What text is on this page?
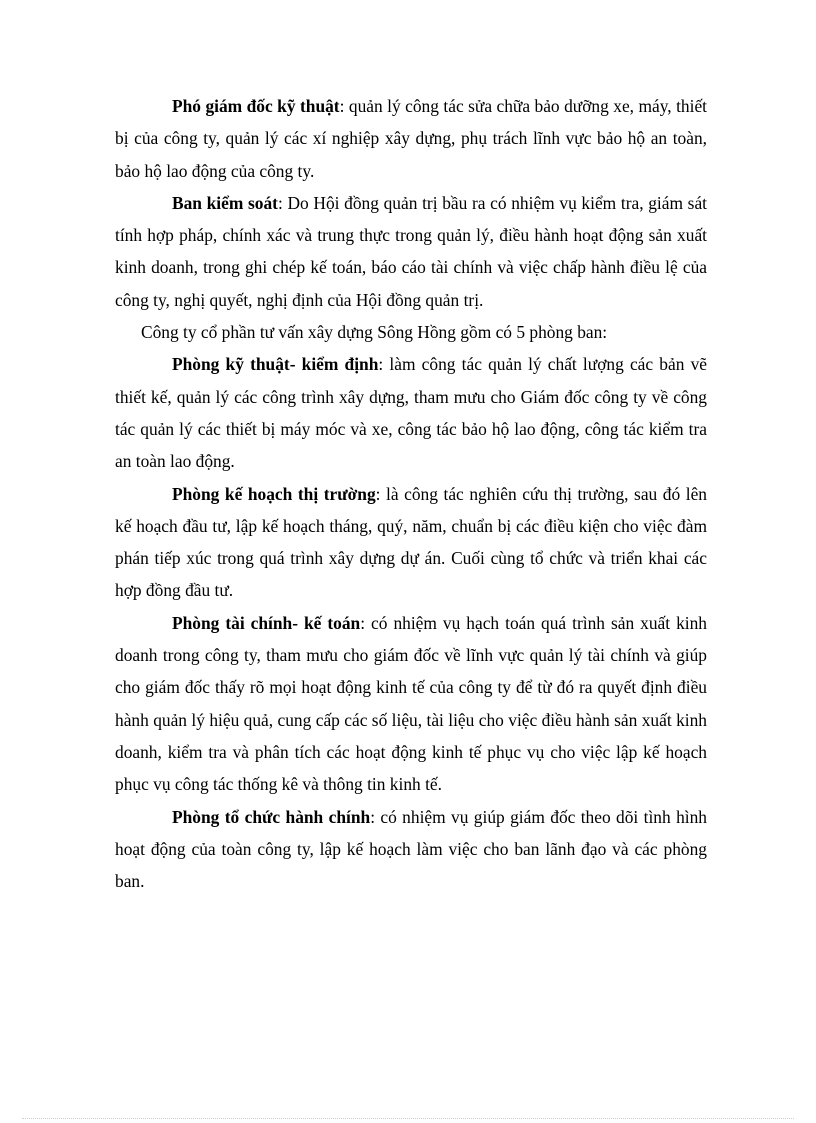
Phó giám đốc kỹ thuật: quản lý công tác sửa chữa bảo dưỡng xe, máy, thiết bị của công ty, quản lý các xí nghiệp xây dựng, phụ trách lĩnh vực bảo hộ an toàn, bảo hộ lao động của công ty.

Ban kiểm soát: Do Hội đồng quản trị bầu ra có nhiệm vụ kiểm tra, giám sát tính hợp pháp, chính xác và trung thực trong quản lý, điều hành hoạt động sản xuất kinh doanh, trong ghi chép kế toán, báo cáo tài chính và việc chấp hành điều lệ của công ty, nghị quyết, nghị định của Hội đồng quản trị.

Công ty cổ phần tư vấn xây dựng Sông Hồng gồm có 5 phòng ban:

Phòng kỹ thuật- kiểm định: làm công tác quản lý chất lượng các bản vẽ thiết kế, quản lý các công trình xây dựng, tham mưu cho Giám đốc công ty về công tác quản lý các thiết bị máy móc và xe, công tác bảo hộ lao động, công tác kiểm tra an toàn lao động.

Phòng kế hoạch thị trường: là công tác nghiên cứu thị trường, sau đó lên kế hoạch đầu tư, lập kế hoạch tháng, quý, năm, chuẩn bị các điều kiện cho việc đàm phán tiếp xúc trong quá trình xây dựng dự án. Cuối cùng tổ chức và triển khai các hợp đồng đầu tư.

Phòng tài chính- kế toán: có nhiệm vụ hạch toán quá trình sản xuất kinh doanh trong công ty, tham mưu cho giám đốc về lĩnh vực quản lý tài chính và giúp cho giám đốc thấy rõ mọi hoạt động kinh tế của công ty để từ đó ra quyết định điều hành quản lý hiệu quả, cung cấp các số liệu, tài liệu cho việc điều hành sản xuất kinh doanh, kiểm tra và phân tích các hoạt động kinh tế phục vụ cho việc lập kế hoạch phục vụ công tác thống kê và thông tin kinh tế.

Phòng tổ chức hành chính: có nhiệm vụ giúp giám đốc theo dõi tình hình hoạt động của toàn công ty, lập kế hoạch làm việc cho ban lãnh đạo và các phòng ban.
